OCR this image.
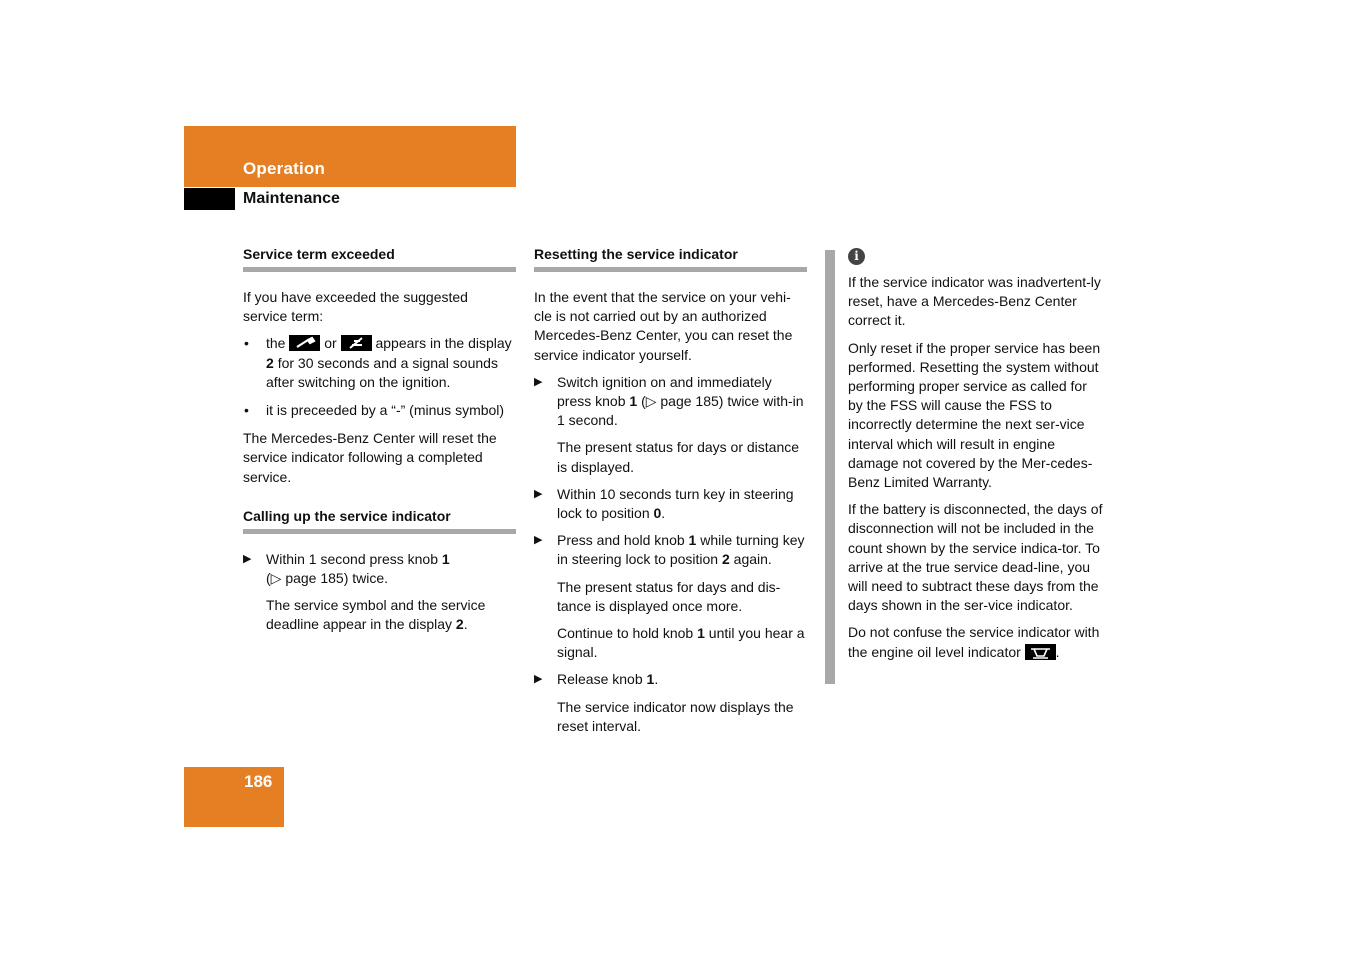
Operation
Maintenance
Service term exceeded

If you have exceeded the suggested service term:

• the	or	appears in the display 2 for 30 seconds and a signal sounds after switching on the ignition.
• it is preceeded by a “-” (minus symbol)

The Mercedes-Benz Center will reset the service indicator following a completed service.

Calling up the service indicator
▶ Within 1 second press knob 1
(▷ page 185) twice.
The service symbol and the service deadline appear in the display 2.
Resetting the service indicator

In the event that the service on your vehi-cle is not carried out by an authorized Mercedes-Benz Center, you can reset the service indicator yourself.

▶ Switch ignition on and immediately press knob 1 (▷ page 185) twice with-in 1 second.
The present status for days or distance is displayed.
▶ Within 10 seconds turn key in steering lock to position 0.
▶ Press and hold knob 1 while turning key in steering lock to position 2 again.
The present status for days and dis-tance is displayed once more.
Continue to hold knob 1 until you hear a signal.
▶ Release knob 1.
The service indicator now displays the reset interval.
i

If the service indicator was inadvertent-ly reset, have a Mercedes-Benz Center correct it.

Only reset if the proper service has been performed. Resetting the system without performing proper service as called for by the FSS will cause the FSS to incorrectly determine the next ser-vice interval which will result in engine damage not covered by the Mer-cedes-Benz Limited Warranty.

If the battery is disconnected, the days of disconnection will not be included in the count shown by the service indica-tor. To arrive at the true service dead-line, you will need to subtract these days from the days shown in the ser-vice indicator.

Do not confuse the service indicator with the engine oil level indicator .

186
